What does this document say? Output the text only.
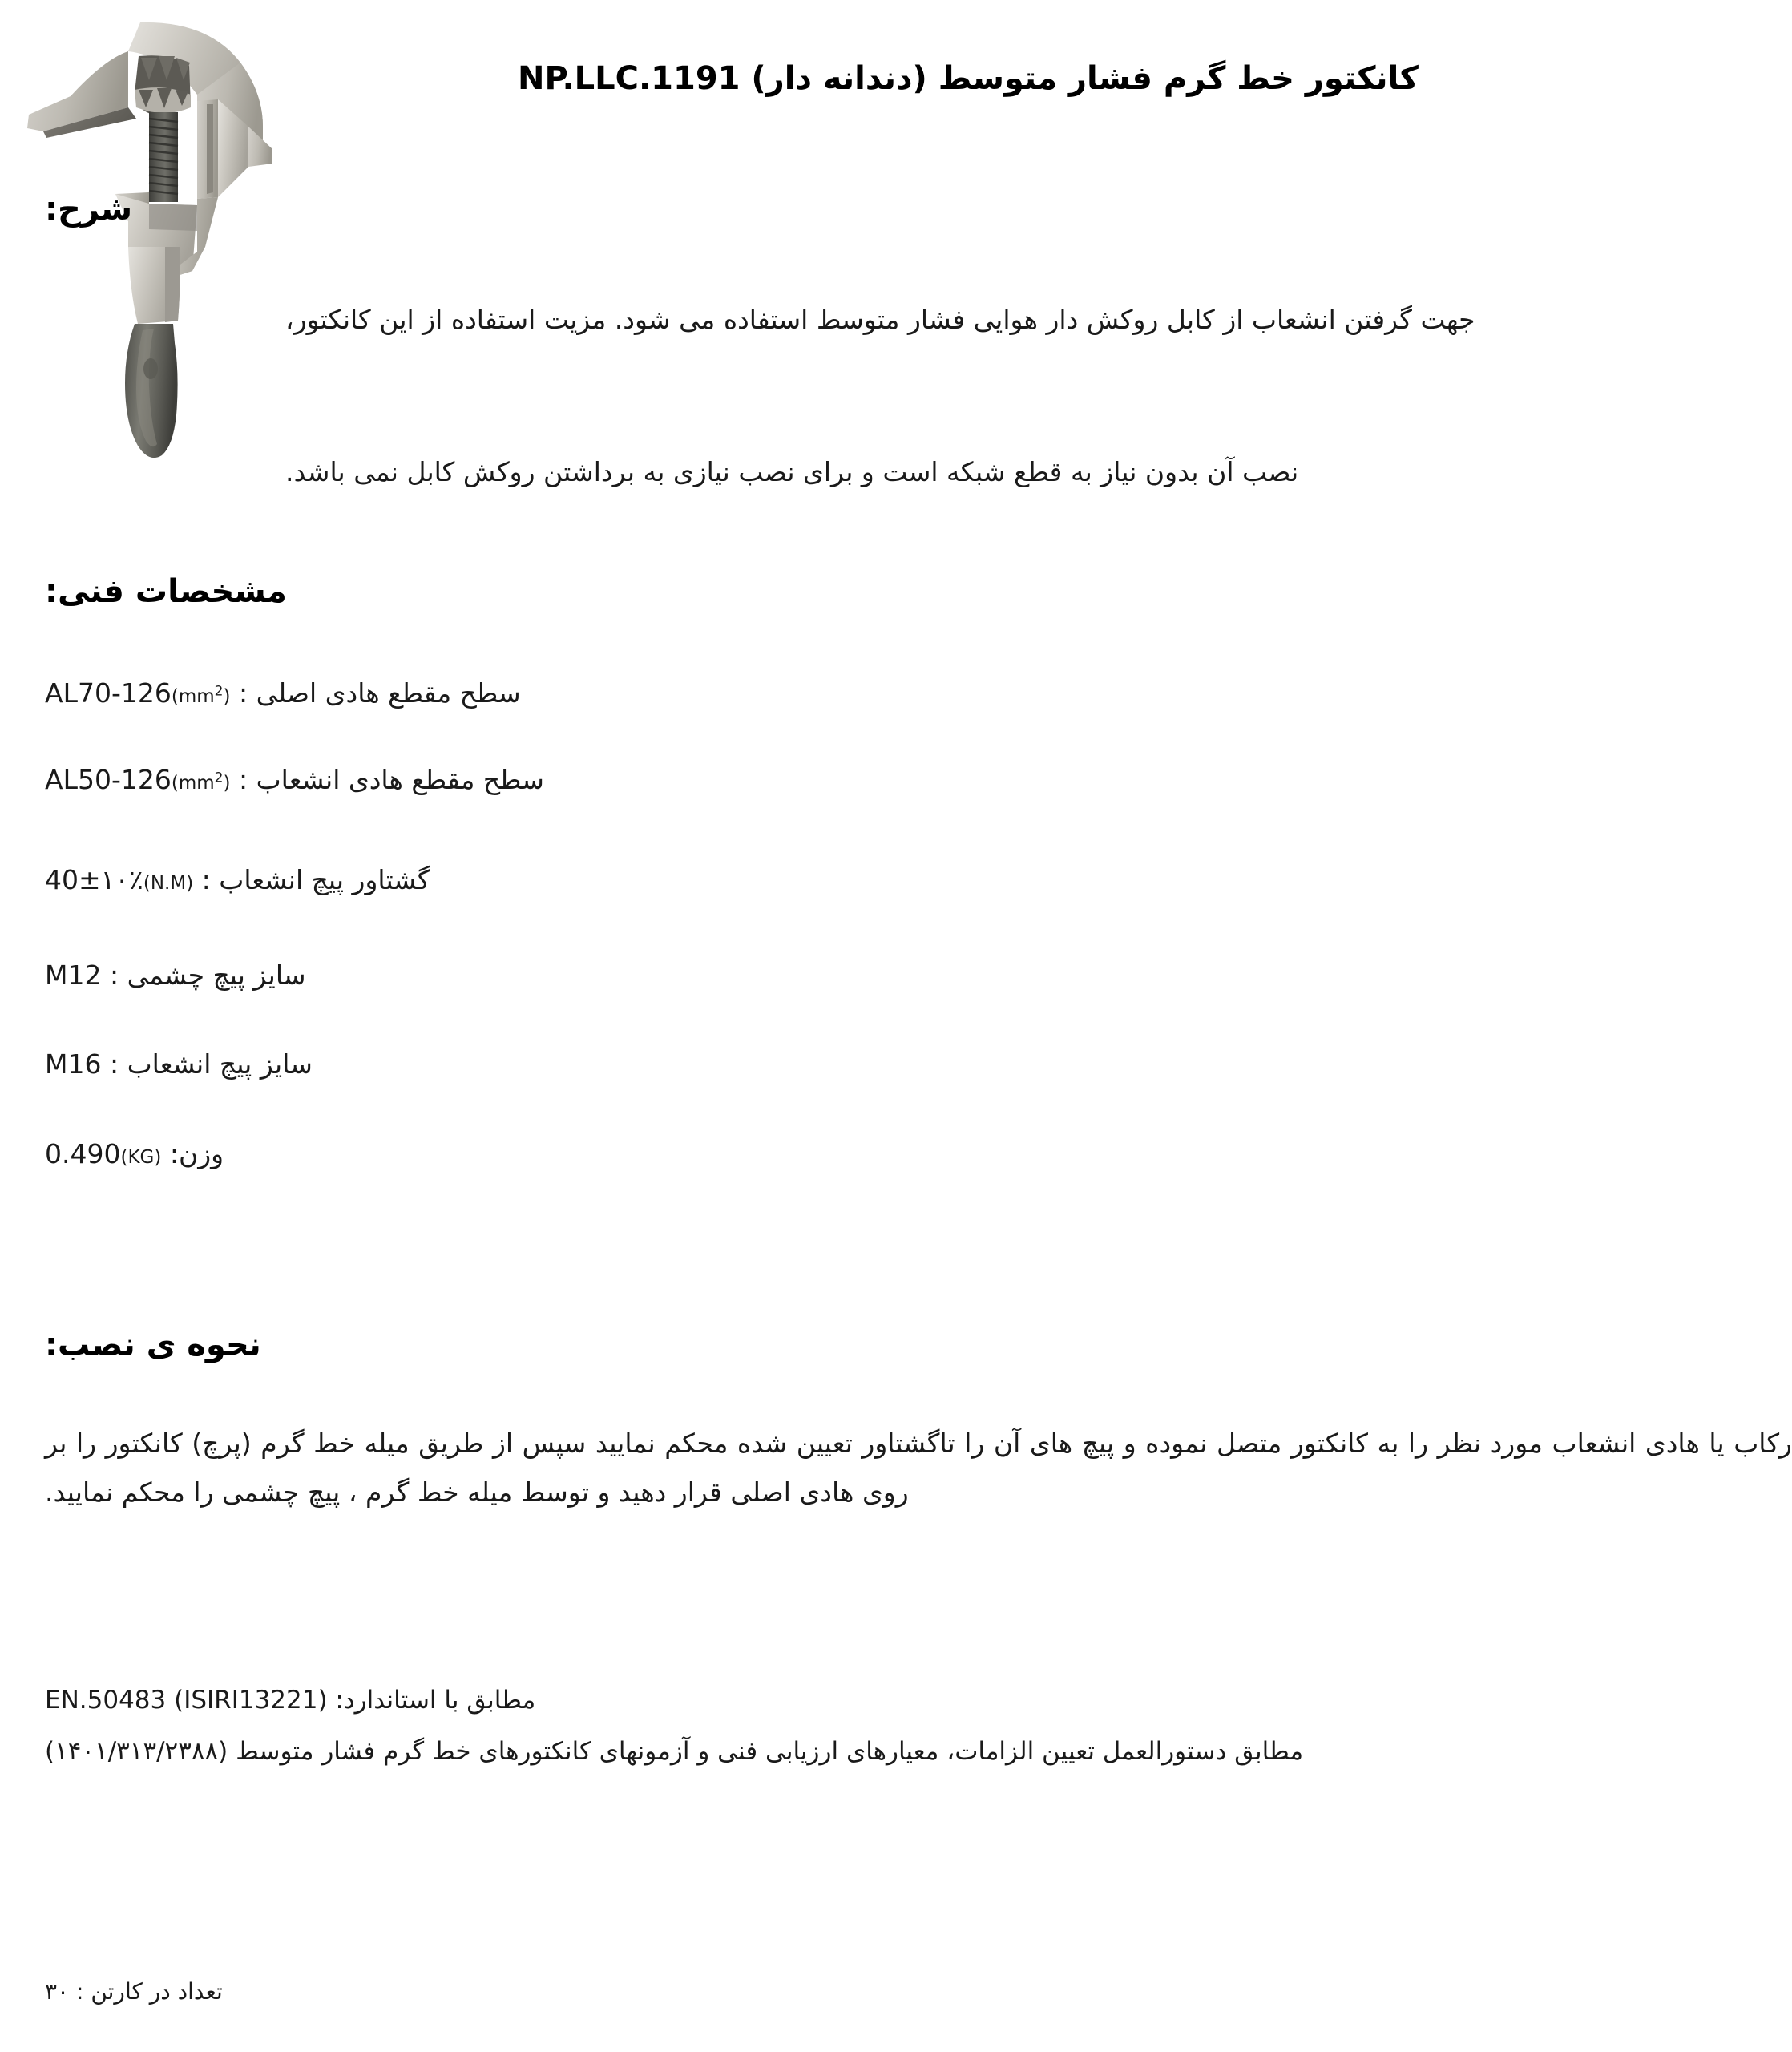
کانکتور خط گرم فشار متوسط (دندانه دار) NP.LLC.1191
شرح:
جهت گرفتن انشعاب از کابل روکش دار هوایی فشار متوسط استفاده می شود. مزیت استفاده از این کانکتور،
نصب آن بدون نیاز به قطع شبکه است و برای نصب نیازی به برداشتن روکش کابل نمی باشد.
مشخصات فنی:
سطح مقطع هادی اصلی : $(mm^2)AL70-126$
سطح مقطع هادی انشعاب : $(mm^2)AL50-126$
گشتاور پیچ انشعاب : (N.M)40±۱۰٪
سایز پیچ چشمی : M12
سایز پیچ انشعاب : M16
وزن: (KG)0.490
نحوه ی نصب:
رکاب یا هادی انشعاب مورد نظر را به کانکتور متصل نموده و پیچ های آن را تاگشتاور تعیین شده محکم نمایید سپس از طریق میله خط گرم (پرچ) کانکتور را بر روی هادی اصلی قرار دهید و توسط میله خط گرم ، پیچ چشمی را محکم نمایید.
مطابق با استاندارد: (ISIRI13221) EN.50483
مطابق دستورالعمل تعیین الزامات، معیارهای ارزیابی فنی و آزمونهای کانکتورهای خط گرم فشار متوسط (۱۴۰۱/۳۱۳/۲۳۸۸)
تعداد در کارتن : ۳۰
